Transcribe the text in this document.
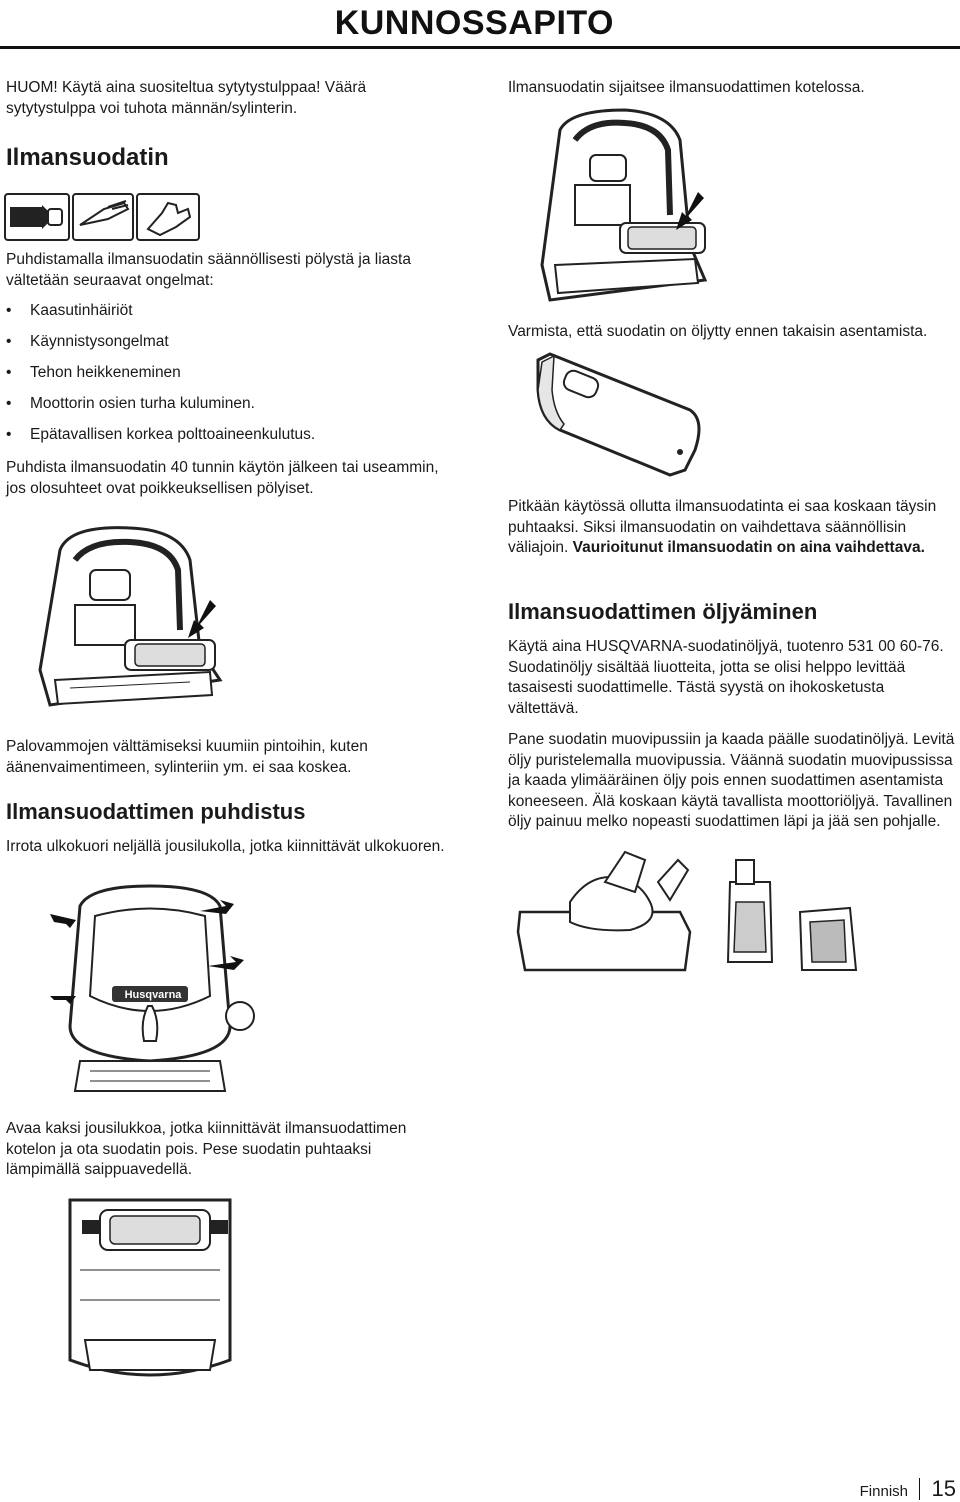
KUNNOSSAPITO

HUOM! Käytä aina suositeltua sytytystulppaa! Väärä sytytystulppa voi tuhota männän/sylinterin.

Ilmansuodatin

Puhdistamalla ilmansuodatin säännöllisesti pölystä ja liasta vältetään seuraavat ongelmat:

• Kaasutinhäiriöt
• Käynnistysongelmat
• Tehon heikkeneminen
• Moottorin osien turha kuluminen.
• Epätavallisen korkea polttoaineenkulutus.

Puhdista ilmansuodatin 40 tunnin käytön jälkeen tai useammin, jos olosuhteet ovat poikkeuksellisen pölyiset.

Palovammojen välttämiseksi kuumiin pintoihin, kuten äänenvaimentimeen, sylinteriin ym. ei saa koskea.

Ilmansuodattimen puhdistus

Irrota ulkokuori neljällä jousilukolla, jotka kiinnittävät ulkokuoren.

Husqvarna

Avaa kaksi jousilukkoa, jotka kiinnittävät ilmansuodattimen kotelon ja ota suodatin pois. Pese suodatin puhtaaksi lämpimällä saippuavedellä.

Ilmansuodatin sijaitsee ilmansuodattimen kotelossa.

Varmista, että suodatin on öljytty ennen takaisin asentamista.

Pitkään käytössä ollutta ilmansuodatinta ei saa koskaan täysin puhtaaksi. Siksi ilmansuodatin on vaihdettava säännöllisin väliajoin. Vaurioitunut ilmansuodatin on aina vaihdettava.

Ilmansuodattimen öljyäminen

Käytä aina HUSQVARNA-suodatinöljyä, tuotenro 531 00 60-76. Suodatinöljy sisältää liuotteita, jotta se olisi helppo levittää tasaisesti suodattimelle. Tästä syystä on ihokosketusta vältettävä.

Pane suodatin muovipussiin ja kaada päälle suodatinöljyä. Levitä öljy puristelemalla muovipussia. Väännä suodatin muovipussissa ja kaada ylimääräinen öljy pois ennen suodattimen asentamista koneeseen. Älä koskaan käytä tavallista moottoriöljyä. Tavallinen öljy painuu melko nopeasti suodattimen läpi ja jää sen pohjalle.

Finnish 15
